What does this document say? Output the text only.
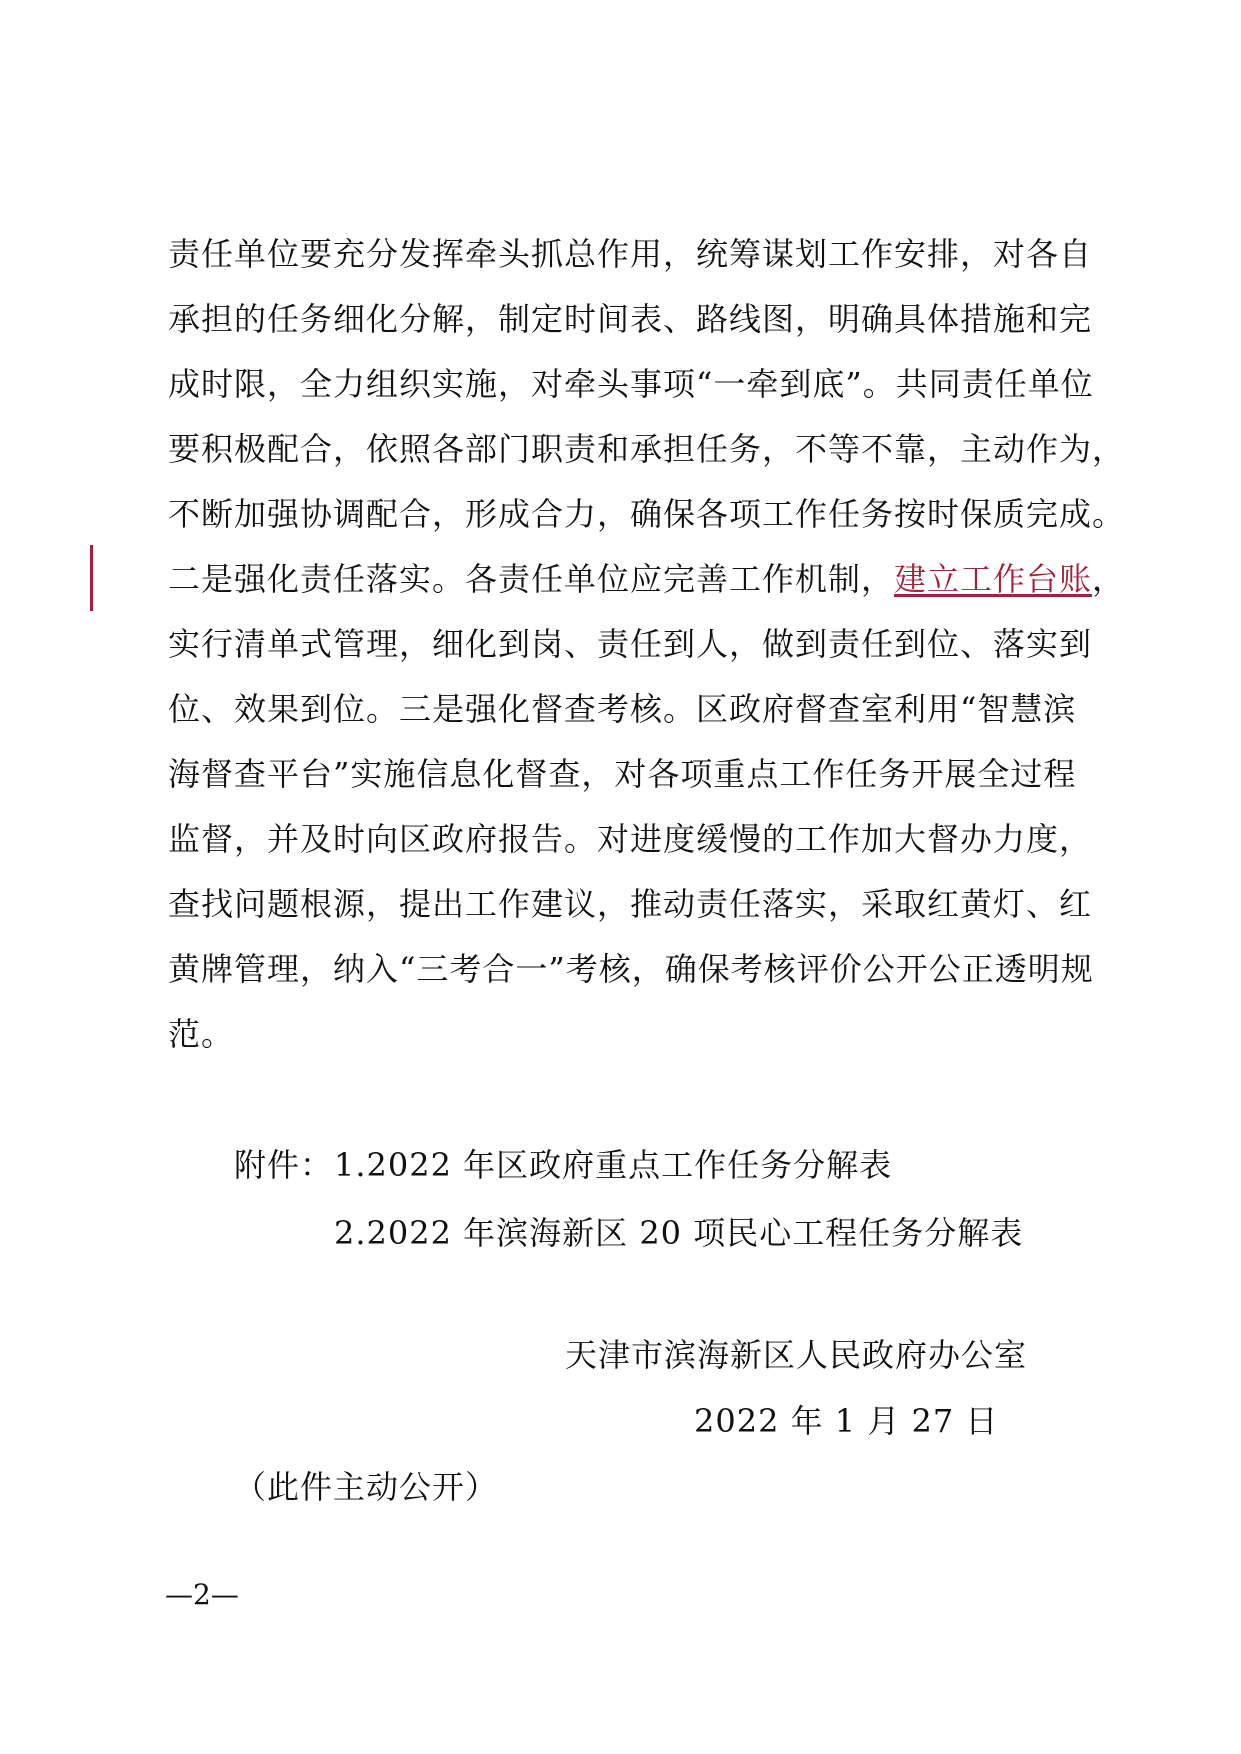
责任单位要充分发挥牵头抓总作用，统筹谋划工作安排，对各自
承担的任务细化分解，制定时间表、路线图，明确具体措施和完
成时限，全力组织实施，对牵头事项“一牵到底”。共同责任单位
要积极配合，依照各部门职责和承担任务，不等不靠，主动作为，
不断加强协调配合，形成合力，确保各项工作任务按时保质完成。
二是强化责任落实。各责任单位应完善工作机制，建立工作台账，
实行清单式管理，细化到岗、责任到人，做到责任到位、落实到
位、效果到位。三是强化督查考核。区政府督查室利用“智慧滨
海督查平台”实施信息化督查，对各项重点工作任务开展全过程
监督，并及时向区政府报告。对进度缓慢的工作加大督办力度，
查找问题根源，提出工作建议，推动责任落实，采取红黄灯、红
黄牌管理，纳入“三考合一”考核，确保考核评价公开公正透明规
范。
附件： 1.2022 年区政府重点工作任务分解表
2.2022 年滨海新区 20 项民心工程任务分解表
天津市滨海新区人民政府办公室
2022 年 1 月 27 日
（此件主动公开）
—2—
